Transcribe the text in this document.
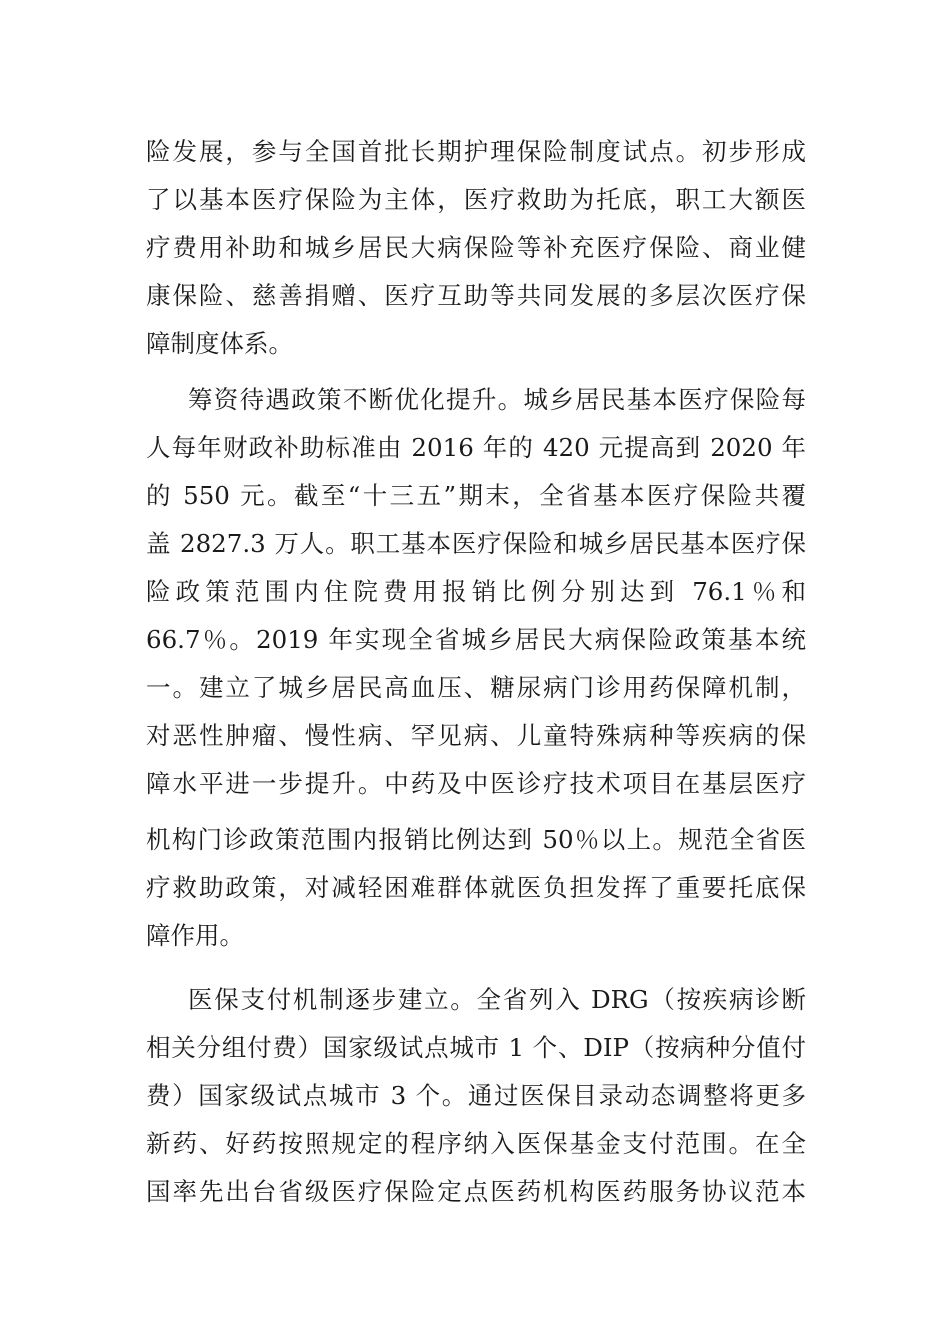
险发展，参与全国首批长期护理保险制度试点。初步形成
了以基本医疗保险为主体，医疗救助为托底，职工大额医
疗费用补助和城乡居民大病保险等补充医疗保险、商业健
康保险、慈善捐赠、医疗互助等共同发展的多层次医疗保
障制度体系。
筹资待遇政策不断优化提升。城乡居民基本医疗保险每
人每年财政补助标准由 2016 年的 420 元提高到 2020 年
的 550 元。截至“十三五”期末，全省基本医疗保险共覆
盖 2827.3 万人。职工基本医疗保险和城乡居民基本医疗保
险政策范围内住院费用报销比例分别达到 76.1％和
66.7％。2019 年实现全省城乡居民大病保险政策基本统
一。建立了城乡居民高血压、糖尿病门诊用药保障机制，
对恶性肿瘤、慢性病、罕见病、儿童特殊病种等疾病的保
障水平进一步提升。中药及中医诊疗技术项目在基层医疗
机构门诊政策范围内报销比例达到 50％以上。规范全省医
疗救助政策，对减轻困难群体就医负担发挥了重要托底保
障作用。
医保支付机制逐步建立。全省列入 DRG（按疾病诊断
相关分组付费）国家级试点城市 1 个、DIP（按病种分值付
费）国家级试点城市 3 个。通过医保目录动态调整将更多
新药、好药按照规定的程序纳入医保基金支付范围。在全
国率先出台省级医疗保险定点医药机构医药服务协议范本
